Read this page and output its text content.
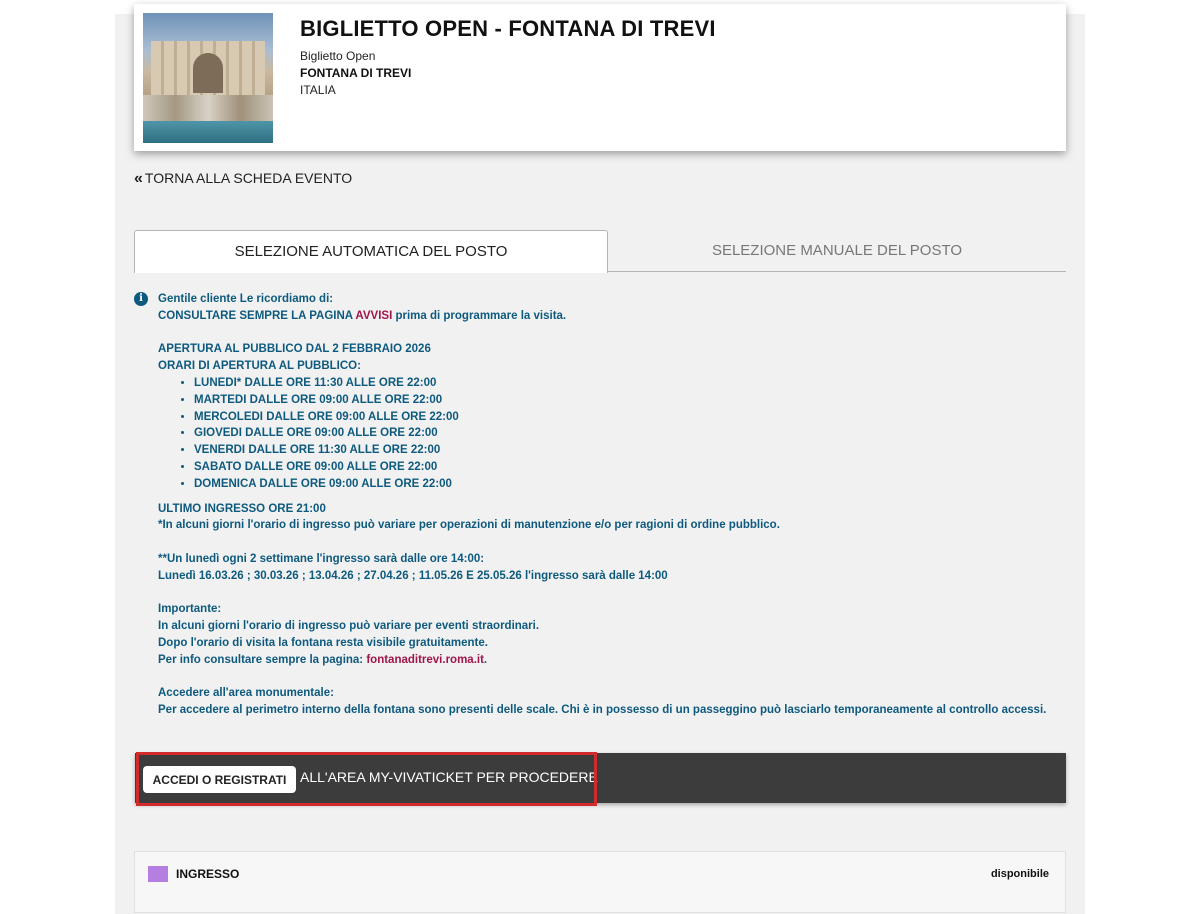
BIGLIETTO OPEN - FONTANA DI TREVI
Biglietto Open
FONTANA DI TREVI
ITALIA
« TORNA ALLA SCHEDA EVENTO
SELEZIONE AUTOMATICA DEL POSTO	SELEZIONE MANUALE DEL POSTO
i	Gentile cliente Le ricordiamo di:

CONSULTARE SEMPRE LA PAGINA AVVISI prima di programmare la visita.

APERTURA AL PUBBLICO DAL 2 FEBBRAIO 2026

ORARI DI APERTURA AL PUBBLICO:

• LUNEDI* DALLE ORE 11:30 ALLE ORE 22:00
• MARTEDI DALLE ORE 09:00 ALLE ORE 22:00
• MERCOLEDI DALLE ORE 09:00 ALLE ORE 22:00
• GIOVEDI DALLE ORE 09:00 ALLE ORE 22:00
• VENERDI DALLE ORE 11:30 ALLE ORE 22:00
• SABATO DALLE ORE 09:00 ALLE ORE 22:00
• DOMENICA DALLE ORE 09:00 ALLE ORE 22:00

ULTIMO INGRESSO ORE 21:00

*In alcuni giorni l'orario di ingresso può variare per operazioni di manutenzione e/o per ragioni di ordine pubblico.

**Un lunedì ogni 2 settimane l'ingresso sarà dalle ore 14:00:

Lunedì 16.03.26 ; 30.03.26 ; 13.04.26 ; 27.04.26 ; 11.05.26 E 25.05.26 l'ingresso sarà dalle 14:00

Importante:

In alcuni giorni l'orario di ingresso può variare per eventi straordinari.

Dopo l'orario di visita la fontana resta visibile gratuitamente.

Per info consultare sempre la pagina: fontanaditrevi.roma.it.

Accedere all'area monumentale:

Per accedere al perimetro interno della fontana sono presenti delle scale. Chi è in possesso di un passeggino può lasciarlo temporaneamente al controllo accessi.

ACCEDI O REGISTRATI ALL'AREA MY-VIVATICKET PER PROCEDERE
INGRESSO	disponibile
